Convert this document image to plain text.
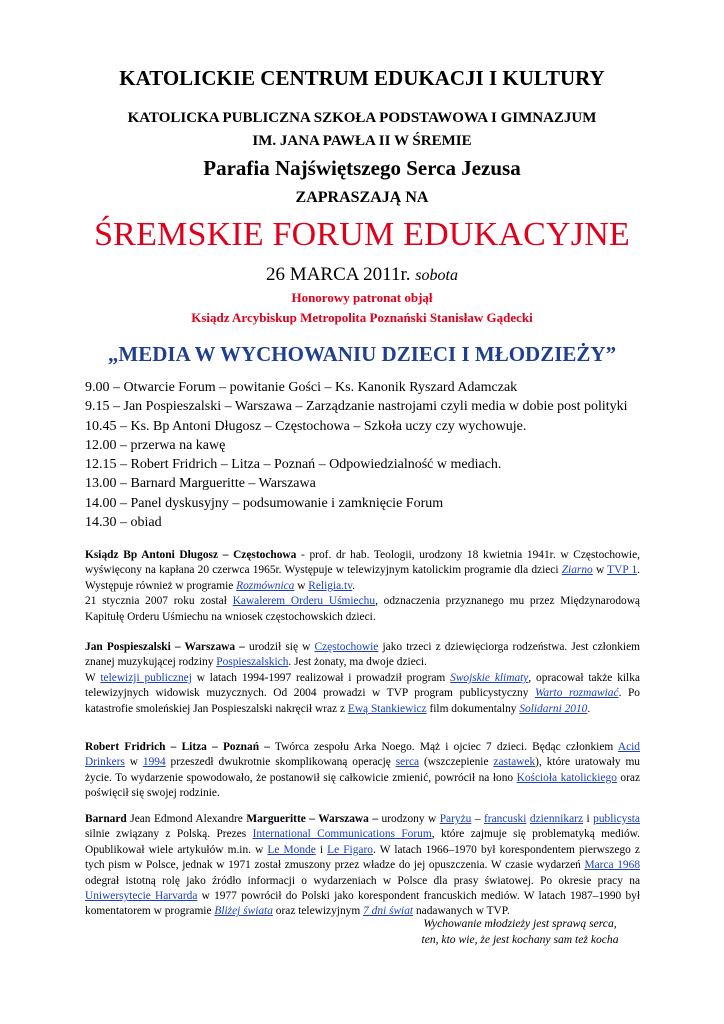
KATOLICKIE CENTRUM EDUKACJI I KULTURY
KATOLICKA PUBLICZNA SZKOŁA PODSTAWOWA I GIMNAZJUM
IM. JANA PAWŁA II W ŚREMIE
Parafia Najświętszego Serca Jezusa
ZAPRASZAJĄ NA
ŚREMSKIE FORUM EDUKACYJNE
26 MARCA 2011r. sobota
Honorowy patronat objął
Ksiądz Arcybiskup Metropolita Poznański Stanisław Gądecki
„MEDIA W WYCHOWANIU DZIECI I MŁODZIEŻY”
9.00 – Otwarcie Forum – powitanie Gości – Ks. Kanonik Ryszard Adamczak
9.15 – Jan Pospieszalski – Warszawa – Zarządzanie nastrojami czyli media w dobie post polityki
10.45 – Ks. Bp Antoni Długosz – Częstochowa – Szkoła uczy czy wychowuje.
12.00 – przerwa na kawę
12.15 – Robert Fridrich – Litza – Poznań – Odpowiedzialność w mediach.
13.00 – Barnard Margueritte – Warszawa
14.00 – Panel dyskusyjny – podsumowanie i zamknięcie Forum
14.30 – obiad
Ksiądz Bp Antoni Długosz – Częstochowa - prof. dr hab. Teologii, urodzony 18 kwietnia 1941r. w Częstochowie, wyświęcony na kapłana 20 czerwca 1965r. Występuje w telewizyjnym katolickim programie dla dzieci Ziarno w TVP 1. Występuje również w programie Rozmównica w Religia.tv.
21 stycznia 2007 roku został Kawalerem Orderu Uśmiechu, odznaczenia przyznanego mu przez Międzynarodową Kapitułę Orderu Uśmiechu na wniosek częstochowskich dzieci.
Jan Pospieszalski – Warszawa – urodził się w Częstochowie jako trzeci z dziewięciorga rodzeństwa. Jest członkiem znanej muzykującej rodziny Pospieszalskich. Jest żonaty, ma dwoje dzieci.
W telewizji publicznej w latach 1994-1997 realizował i prowadził program Swojskie klimaty, opracował także kilka telewizyjnych widowisk muzycznych. Od 2004 prowadzi w TVP program publicystyczny Warto rozmawiać. Po katastrofie smoleńskiej Jan Pospieszalski nakręcił wraz z Ewą Stankiewicz film dokumentalny Solidarni 2010.
Robert Fridrich – Litza – Poznań – Twórca zespołu Arka Noego. Mąż i ojciec 7 dzieci. Będąc członkiem Acid Drinkers w 1994 przeszedł dwukrotnie skomplikowaną operację serca (wszczepienie zastawek), które uratowały mu życie. To wydarzenie spowodowało, że postanowił się całkowicie zmienić, powrócił na łono Kościoła katolickiego oraz poświęcił się swojej rodzinie.
Barnard Jean Edmond Alexandre Margueritte – Warszawa – urodzony w Paryżu – francuski dziennikarz i publicysta silnie związany z Polską. Prezes International Communications Forum, które zajmuje się problematyką mediów. Opublikował wiele artykułów m.in. w Le Monde i Le Figaro. W latach 1966–1970 był korespondentem pierwszego z tych pism w Polsce, jednak w 1971 został zmuszony przez władze do jej opuszczenia. W czasie wydarzeń Marca 1968 odegrał istotną rolę jako źródło informacji o wydarzeniach w Polsce dla prasy światowej. Po okresie pracy na Uniwersytecie Harvarda w 1977 powrócił do Polski jako korespondent francuskich mediów. W latach 1987–1990 był komentatorem w programie Bliżej świata oraz telewizyjnym 7 dni świat nadawanych w TVP.
Wychowanie młodzieży jest sprawą serca,
ten, kto wie, że jest kochany sam też kocha
